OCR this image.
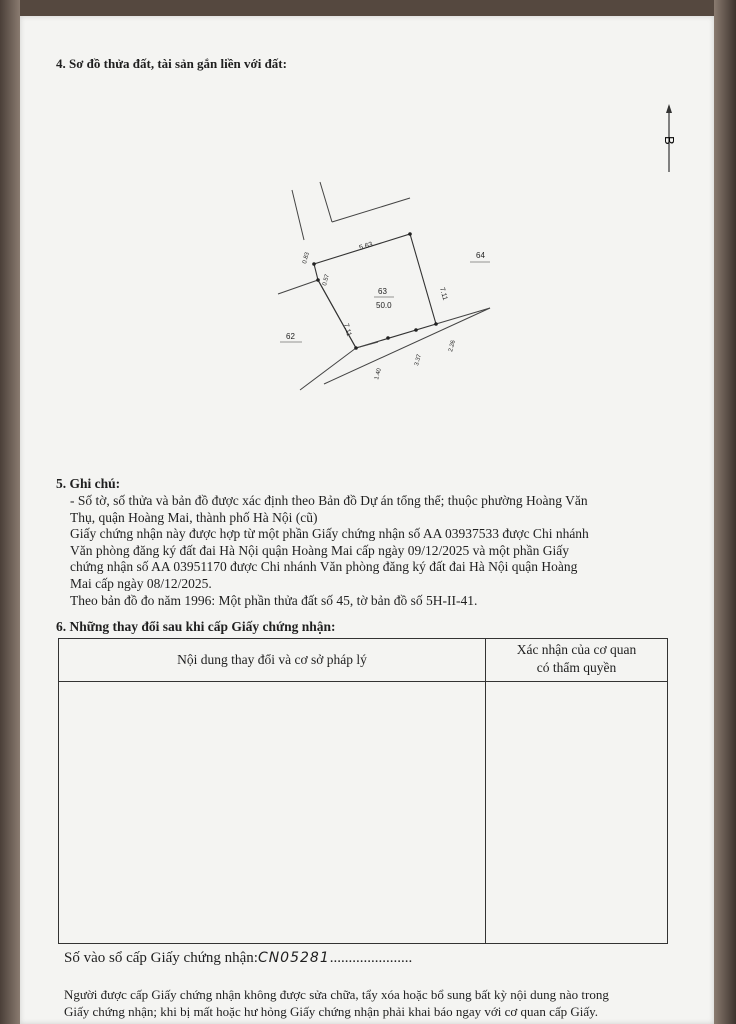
4. Sơ đồ thửa đất, tài sản gắn liền với đất:
B
5.63
0.83
0.57
7.11
7.11
1.40
3.37
2.26
63
50.0
64
62
5. Ghi chú:

- Số tờ, số thửa và bản đồ được xác định theo Bản đồ Dự án tổng thể; thuộc phường Hoàng Văn

Thụ, quận Hoàng Mai, thành phố Hà Nội (cũ)

Giấy chứng nhận này được hợp từ một phần Giấy chứng nhận số AA 03937533 được Chi nhánh

Văn phòng đăng ký đất đai Hà Nội quận Hoàng Mai cấp ngày 09/12/2025 và một phần Giấy

chứng nhận số AA 03951170 được Chi nhánh Văn phòng đăng ký đất đai Hà Nội quận Hoàng

Mai cấp ngày 08/12/2025.

Theo bản đồ đo năm 1996: Một phần thửa đất số 45, tờ bản đồ số 5H-II-41.

6. Những thay đổi sau khi cấp Giấy chứng nhận:
Nội dung thay đổi và cơ sở pháp lý
Xác nhận của cơ quan
có thẩm quyền
Số vào sổ cấp Giấy chứng nhận:CN05281......................

Người được cấp Giấy chứng nhận không được sửa chữa, tẩy xóa hoặc bổ sung bất kỳ nội dung nào trong

Giấy chứng nhận; khi bị mất hoặc hư hỏng Giấy chứng nhận phải khai báo ngay với cơ quan cấp Giấy.
